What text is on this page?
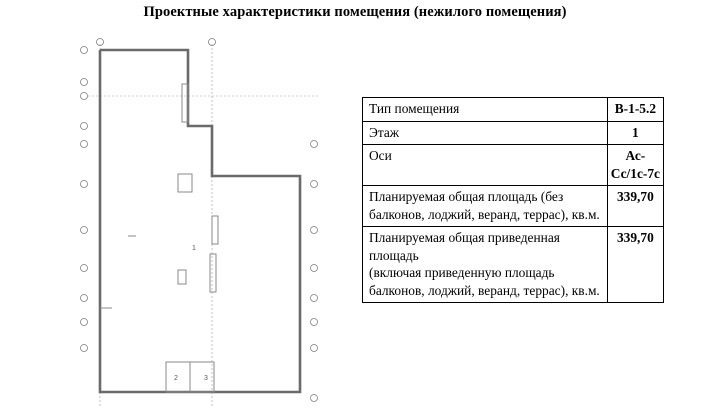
Проектные характеристики помещения (нежилого помещения)
1
2	3
Тип помещения	В-1-5.2
Этаж	1
Оси	Ас-Сс/1с-7с
Планируемая общая площадь (без балконов, лоджий, веранд, террас), кв.м.	339,70
Планируемая общая приведенная площадь
(включая приведенную площадь балконов, лоджий, веранд, террас), кв.м.	339,70
